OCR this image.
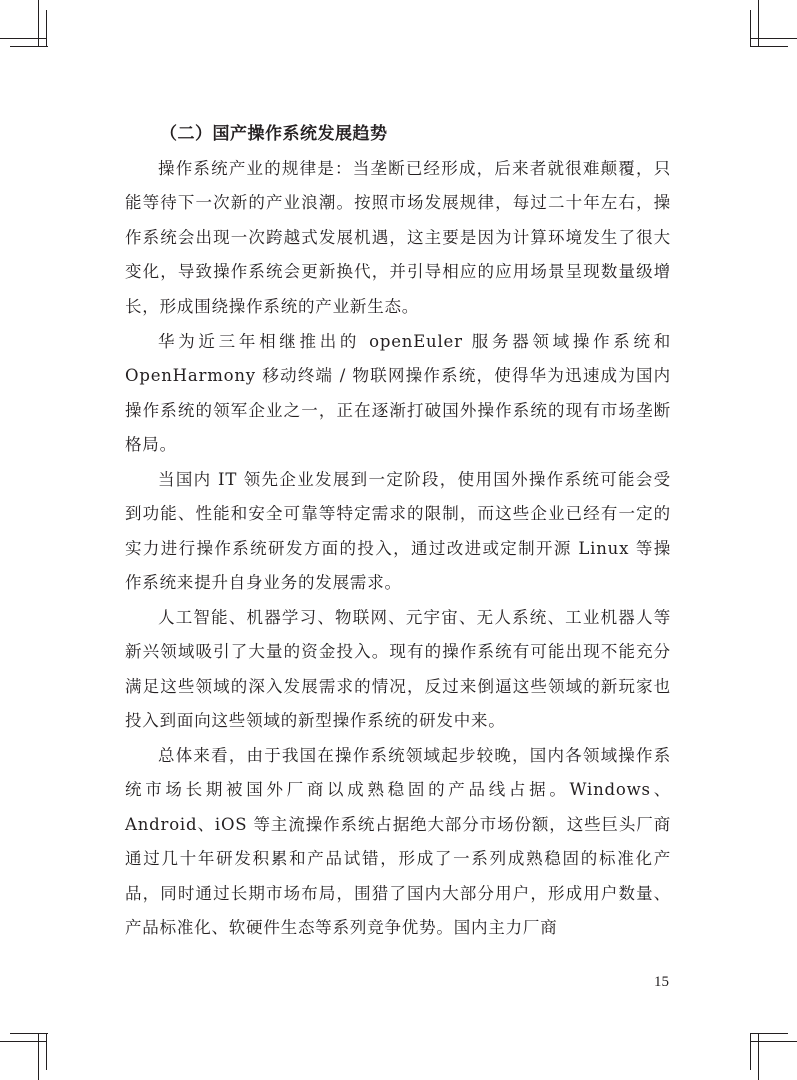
（二）国产操作系统发展趋势

操作系统产业的规律是：当垄断已经形成，后来者就很难颠覆，只能等待下一次新的产业浪潮。按照市场发展规律，每过二十年左右，操作系统会出现一次跨越式发展机遇，这主要是因为计算环境发生了很大变化，导致操作系统会更新换代，并引导相应的应用场景呈现数量级增长，形成围绕操作系统的产业新生态。

华为近三年相继推出的 openEuler 服务器领域操作系统和 OpenHarmony 移动终端 / 物联网操作系统，使得华为迅速成为国内操作系统的领军企业之一，正在逐渐打破国外操作系统的现有市场垄断格局。

当国内 IT 领先企业发展到一定阶段，使用国外操作系统可能会受到功能、性能和安全可靠等特定需求的限制，而这些企业已经有一定的实力进行操作系统研发方面的投入，通过改进或定制开源 Linux 等操作系统来提升自身业务的发展需求。

人工智能、机器学习、物联网、元宇宙、无人系统、工业机器人等新兴领域吸引了大量的资金投入。现有的操作系统有可能出现不能充分满足这些领域的深入发展需求的情况，反过来倒逼这些领域的新玩家也投入到面向这些领域的新型操作系统的研发中来。

总体来看，由于我国在操作系统领域起步较晚，国内各领域操作系统市场长期被国外厂商以成熟稳固的产品线占据。Windows、Android、iOS 等主流操作系统占据绝大部分市场份额，这些巨头厂商通过几十年研发积累和产品试错，形成了一系列成熟稳固的标准化产品，同时通过长期市场布局，围猎了国内大部分用户，形成用户数量、产品标准化、软硬件生态等系列竞争优势。国内主力厂商

15
